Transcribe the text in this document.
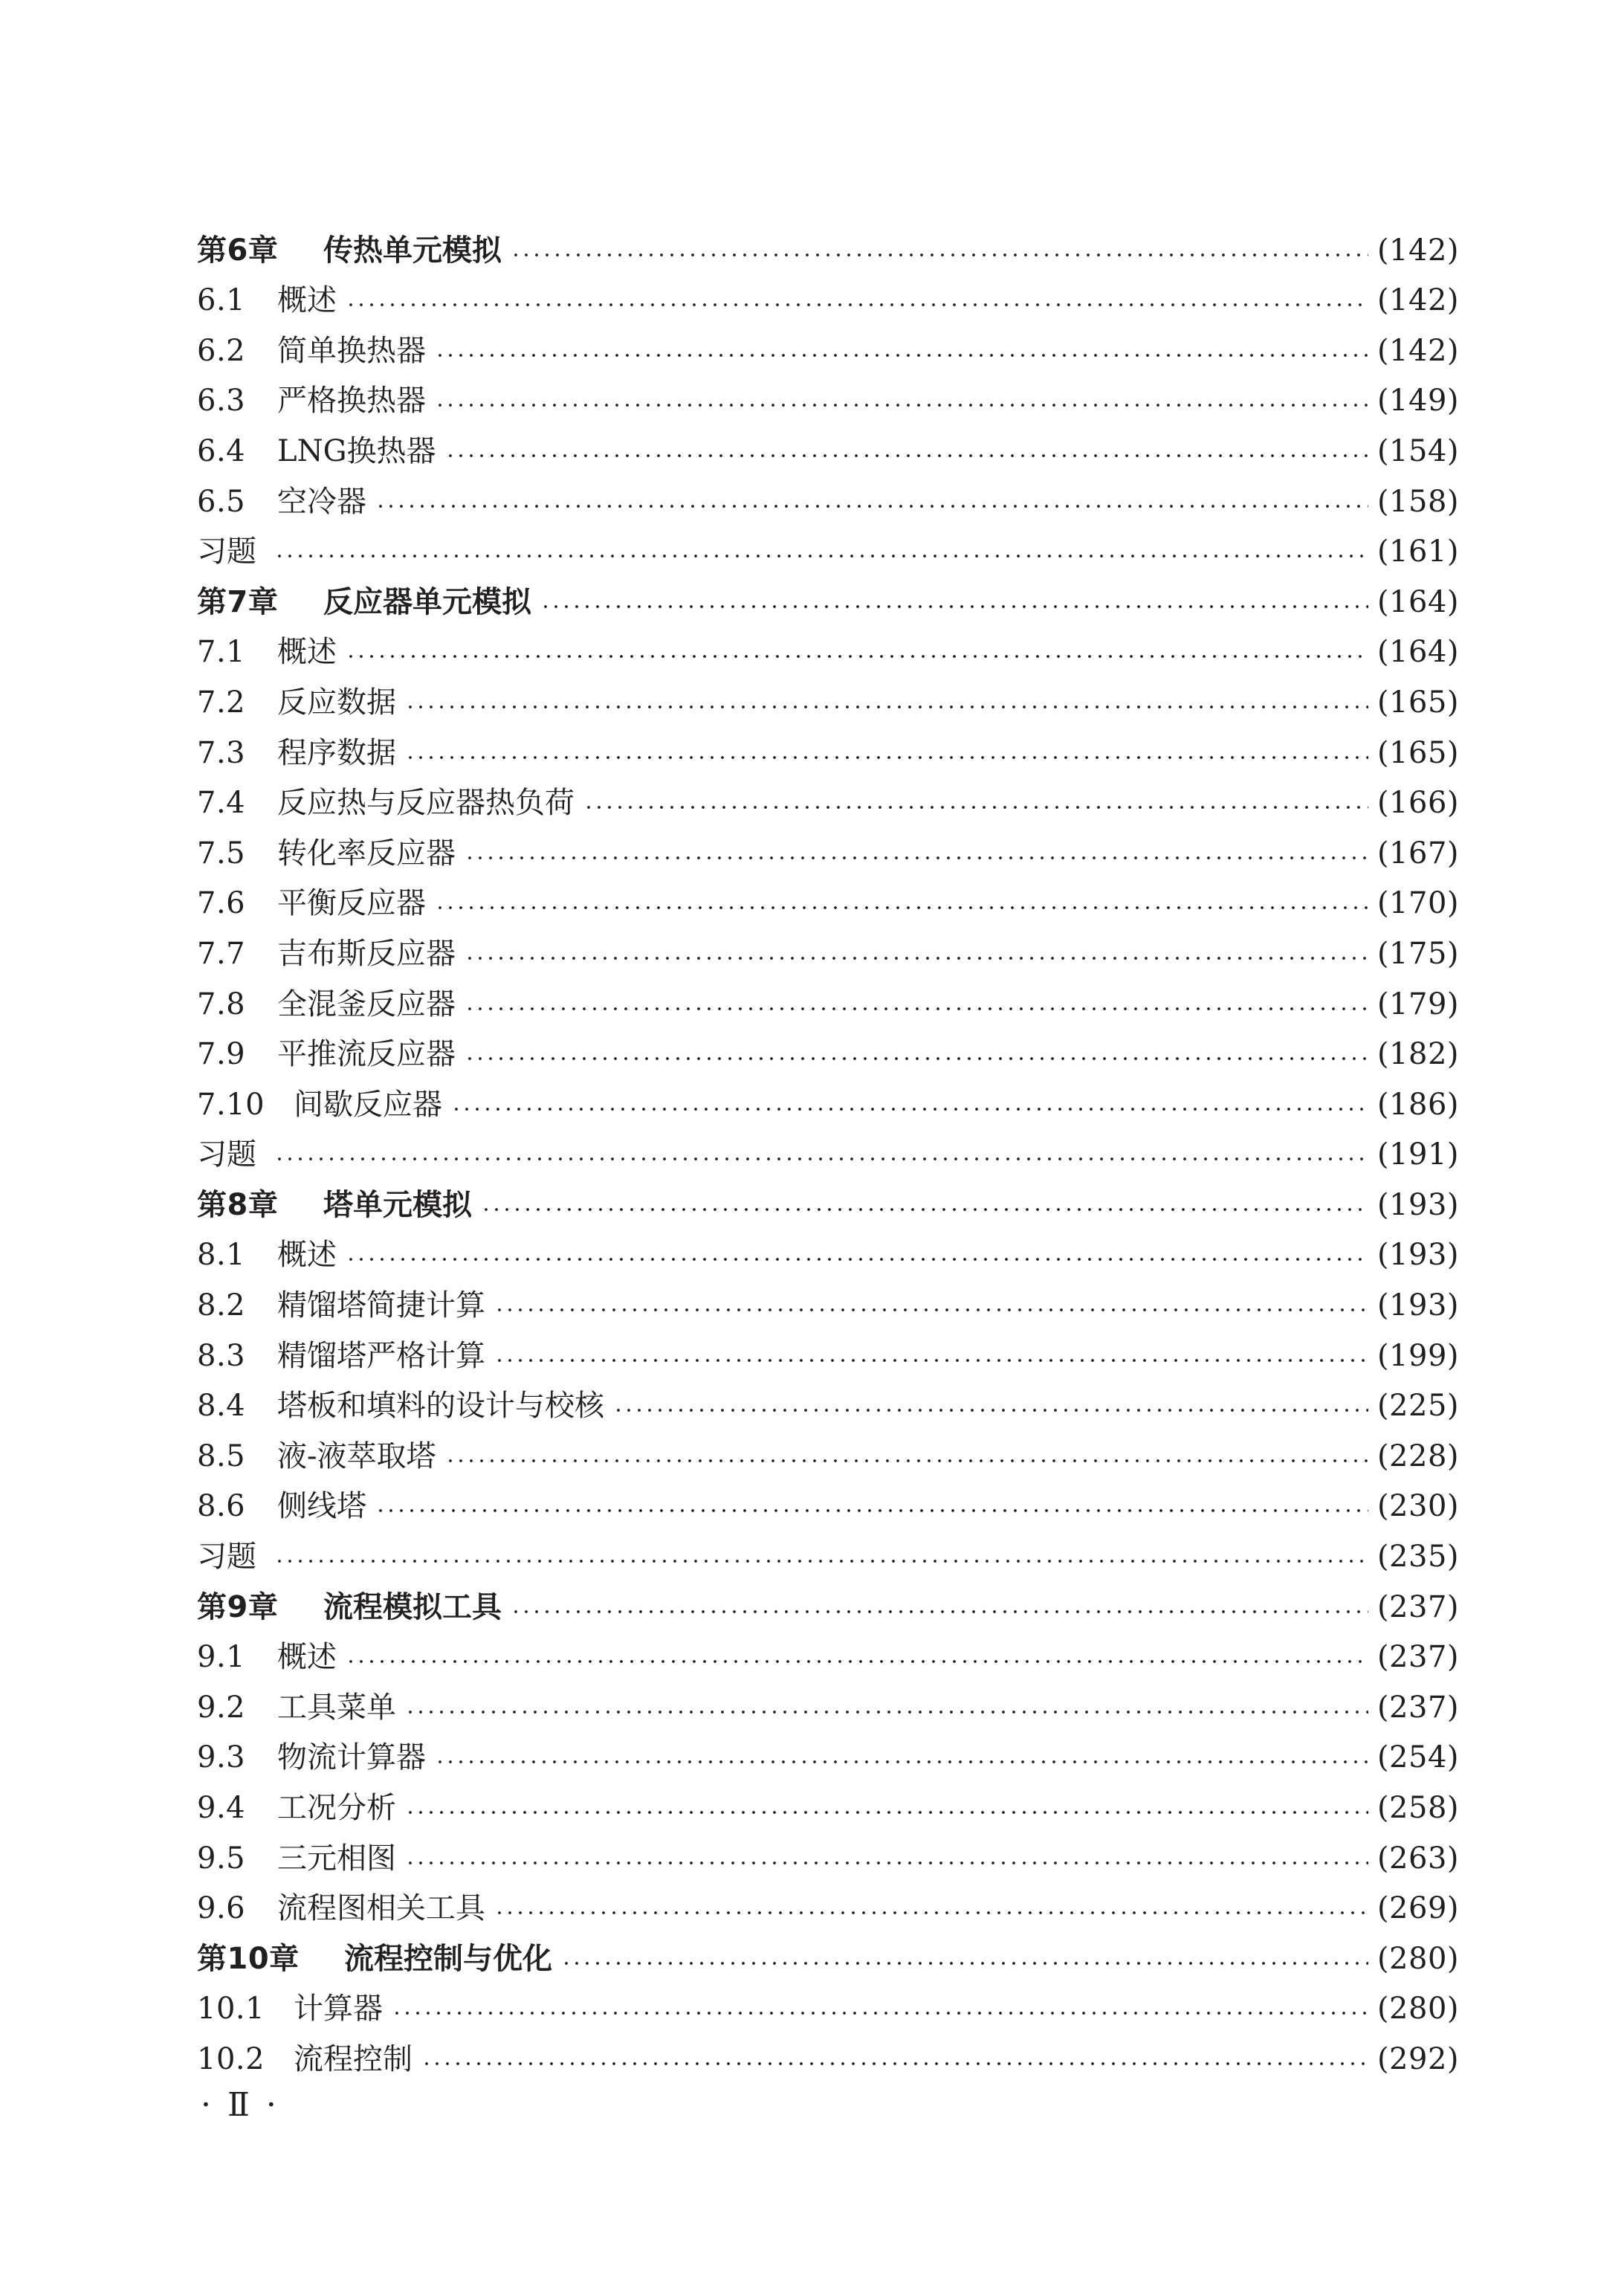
第6章	传热单元模拟	(142)
6.1	概述	(142)
6.2	简单换热器	(142)
6.3	严格换热器	(149)
6.4	LNG换热器	(154)
6.5	空冷器	(158)
习题	(161)
第7章	反应器单元模拟	(164)
7.1	概述	(164)
7.2	反应数据	(165)
7.3	程序数据	(165)
7.4	反应热与反应器热负荷	(166)
7.5	转化率反应器	(167)
7.6	平衡反应器	(170)
7.7	吉布斯反应器	(175)
7.8	全混釜反应器	(179)
7.9	平推流反应器	(182)
7.10 间歇反应器	(186)
习题	(191)
第8章	塔单元模拟	(193)
8.1	概述	(193)
8.2	精馏塔简捷计算	(193)
8.3	精馏塔严格计算	(199)
8.4	塔板和填料的设计与校核	(225)
8.5	液-液萃取塔	(228)
8.6	侧线塔	(230)
习题	(235)
第9章	流程模拟工具	(237)
9.1	概述	(237)
9.2	工具菜单	(237)
9.3	物流计算器	(254)
9.4	工况分析	(258)
9.5	三元相图	(263)
9.6	流程图相关工具	(269)
第10章	流程控制与优化	(280)
10.1 计算器	(280)
10.2 流程控制	(292)
· Ⅱ ·
